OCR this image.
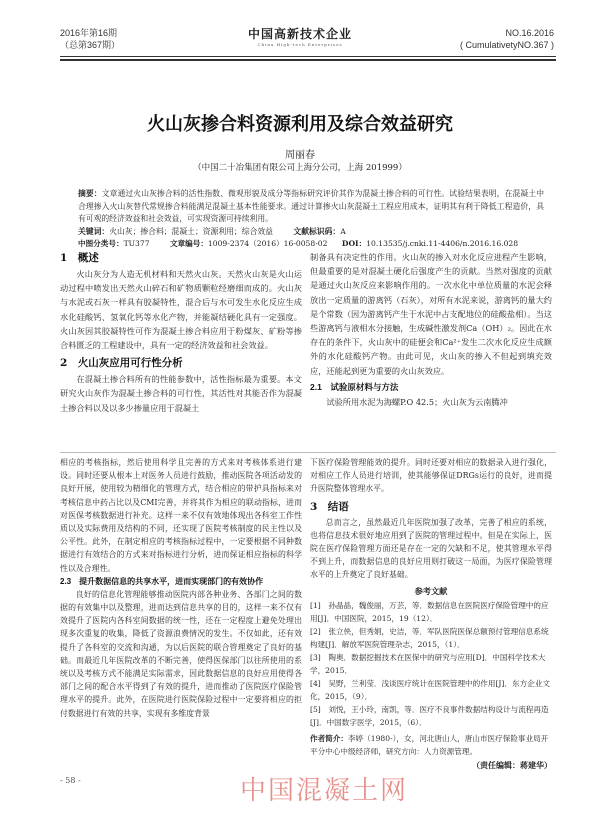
2016年第16期
（总第367期）
中国高新技术企业
China High-tech Enterprises
NO.16.2016
( CumulativetyNO.367 )
火山灰掺合料资源利用及综合效益研究
周丽春
（中国二十冶集团有限公司上海分公司，上海 201999）

摘要：文章通过火山灰掺合料的活性指数、微观形貌及成分等指标研究评价其作为混凝土掺合料的可行性。试验结果表明，在混凝土中合理掺入火山灰替代常规掺合料能满足混凝土基本性能要求。通过计算掺火山灰混凝土工程应用成本，证明其有利于降低工程造价，具有可观的经济效益和社会效益，可实现资源可持续利用。

关键词：火山灰；掺合料；混凝土；资源利用；综合效益	文献标识码：A
中图分类号：TU377	文章编号：1009-2374（2016）16-0058-02 DOI：10.13535/j.cnki.11-4406/n.2016.16.028
1　概述

火山灰分为人造无机材料和天然火山灰。天然火山灰是火山运动过程中喷发出天然火山碎石和矿物质颗粒经磨细而成的。火山灰与水泥或石灰一样具有胶凝特性，混合后与水可发生水化反应生成水化硅酸钙、氢氧化钙等水化产物，并能凝结硬化具有一定强度。火山灰因其胶凝特性可作为混凝土掺合料应用于粉煤灰、矿粉等掺合料匮乏的工程建设中，具有一定的经济效益和社会效益。

2　火山灰应用可行性分析

在混凝土掺合料所有的性能参数中，活性指标最为重要。本文研究火山灰作为混凝土掺合料的可行性，其活性对其能否作为混凝土掺合料以及以多少掺量应用于混凝土

制备具有决定性的作用。火山灰的掺入对水化反应进程产生影响，但最重要的是对混凝土硬化后强度产生的贡献。当然对强度的贡献是通过火山灰反应来影响作用的。一次水化中单位质量的水泥会释放出一定质量的游离钙（石灰），对所有水泥来说，游离钙的量大约是个常数（因为游离钙产生于水泥中占支配地位的硅酸盐相）。当这些游离钙与液相水分接触，生成碱性激发剂Ca（OH）₂。因此在水存在的条件下，火山灰中的硅便会和Ca²⁺发生二次水化反应生成额外的水化硅酸钙产物。由此可见，火山灰的掺入不但起到填充效应，还能起到更为重要的火山灰效应。

2.1　试验原材料与方法

试验所用水泥为海螺P.O 42.5；火山灰为云南腾冲

相应的考核指标，然后使用科学且完善的方式来对考核体系进行建设。同时还要从根本上对医务人员进行鼓励，推动医院各项活动发的良好开展，使用较为精细化的管理方式，结合相应的带护具指标来对考核信息中药占比以及CMI完善，并将其作为相应的联动指标，进而对医保考核数据进行补充。这样一来不仅有效地体现出各科室工作性质以及实际费用及结构的不同，还实现了医院考核制度的民主性以及公平性。此外，在制定相应的考核指标过程中，一定要根据不同种数据进行有效结合的方式来对指标进行分析，进而保证相应指标的科学性以及合理性。

2.3　提升数据信息的共享水平，进而实现部门的有效协作

良好的信息化管理能够推动医院内部各种业务、各部门之间的数据的有效集中以及整理，进而达到信息共享的目的，这样一来不仅有效提升了医院内各科室间数据的统一性，还在一定程度上避免处理出现多次重复的收集，降低了资源浪费情况的发生。不仅如此，还有效提升了各科室的交流和沟通，为以后医院的联合管理奠定了良好的基础。而最近几年医院改革的不断完善，使得医保部门以往所使用的系统以及考核方式不能满足实际需求，因此数据信息的良好应用使得各部门之间的配合水平得到了有效的提升，进而推动了医院医疗保险管理水平的提升。此外，在医院进行医院保险过程中一定要将相应的拒付数据进行有效的共享，实现有多维度背景

下医疗保险管理能效的提升。同时还要对相应的数据录入进行强化，对相应工作人员进行培训，使其能够保证DRGs运行的良好，进而提升医院整体管理水平。

3　结语

总而言之，虽然最近几年医院加强了改革，完善了相应的系统，也将信息技术很好地应用到了医院的管理过程中。但是在实际上，医院在医疗保险管理方面还是存在一定的欠缺和不足，使其管理水平得不到上升，而数据信息的良好应用则打破这一局面，为医疗保险管理水平的上升奠定了良好基础。

参考文献

[1]　孙晶晶，魏俊丽，万芸，等．数据信息在医院医疗保险管理中的应用[J]．中国医院，2015，19（12）．

[2]　张立侠，但秀娟，史洁，等．军队医院医保总额预付管理信息系统构建[J]．解放军医院管理杂志，2015，（1）．

[3]　陶奥．数据挖掘技术在医保中的研究与应用[D]．中国科学技术大学，2015．

[4]　吴野，兰利莹．浅谈医疗统计在医院管理中的作用[J]．东方企业文化，2015，（9）．

[5]　刘悦，王小玲，南凯，等．医疗不良事件数据结构设计与流程再造[J]．中国数字医学，2015，（6）．

作者简介：李婷（1980-），女，河北唐山人，唐山市医疗保险事业局开平分中心中级经济师，研究方向：人力资源管理。

（责任编辑：蒋建华）
- 58 -	中国混凝土网
